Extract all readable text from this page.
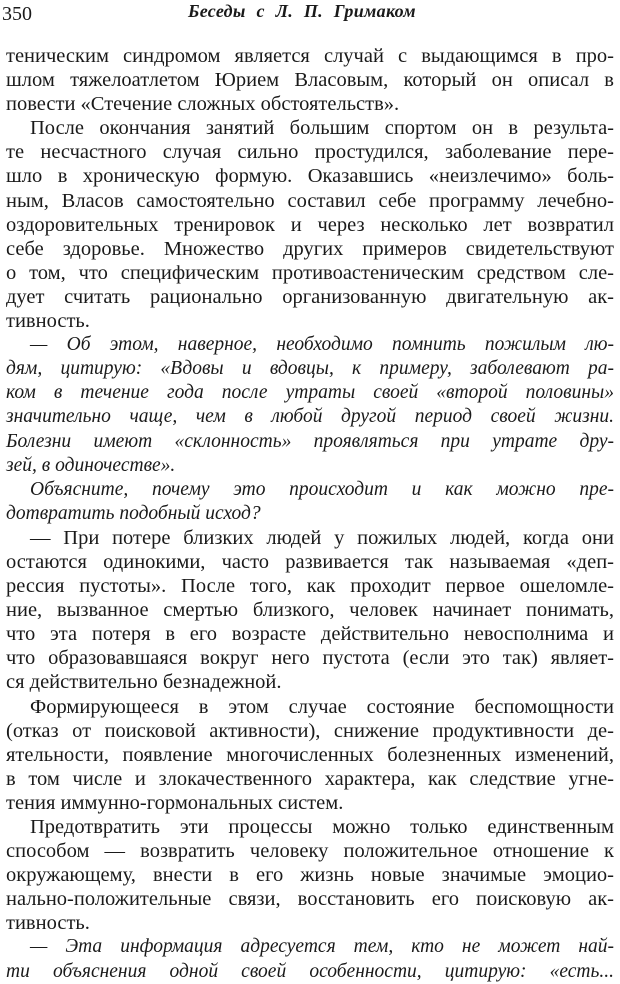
350	Беседы с Л. П. Гримаком
теническим синдромом является случай с выдающимся в про-
шлом тяжелоатлетом Юрием Власовым, который он описал в
повести «Стечение сложных обстоятельств».
После окончания занятий большим спортом он в результа-
те несчастного случая сильно простудился, заболевание пере-
шло в хроническую формую. Оказавшись «неизлечимо» боль-
ным, Власов самостоятельно составил себе программу лечебно-
оздоровительных тренировок и через несколько лет возвратил
себе здоровье. Множество других примеров свидетельствуют
о том, что специфическим противоастеническим средством сле-
дует считать рационально организованную двигательную ак-
тивность.
— Об этом, наверное, необходимо помнить пожилым лю-
дям, цитирую: «Вдовы и вдовцы, к примеру, заболевают ра-
ком в течение года после утраты своей «второй половины»
значительно чаще, чем в любой другой период своей жизни.
Болезни имеют «склонность» проявляться при утрате дру-
зей, в одиночестве».
Объясните, почему это происходит и как можно пре-
дотвратить подобный исход?
— При потере близких людей у пожилых людей, когда они
остаются одинокими, часто развивается так называемая «деп-
рессия пустоты». После того, как проходит первое ошеломле-
ние, вызванное смертью близкого, человек начинает понимать,
что эта потеря в его возрасте действительно невосполнима и
что образовавшаяся вокруг него пустота (если это так) являет-
ся действительно безнадежной.
Формирующееся в этом случае состояние беспомощности
(отказ от поисковой активности), снижение продуктивности де-
ятельности, появление многочисленных болезненных изменений,
в том числе и злокачественного характера, как следствие угне-
тения иммунно-гормональных систем.
Предотвратить эти процессы можно только единственным
способом — возвратить человеку положительное отношение к
окружающему, внести в его жизнь новые значимые эмоцио-
нально-положительные связи, восстановить его поисковую ак-
тивность.
— Эта информация адресуется тем, кто не может най-
ти объяснения одной своей особенности, цитирую: «есть...
